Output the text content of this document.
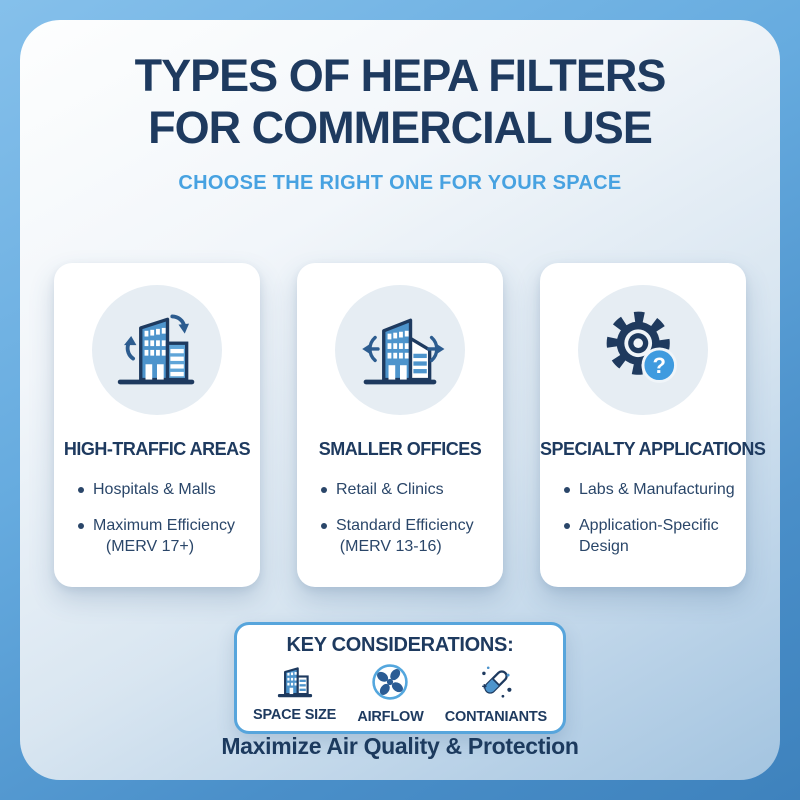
TYPES OF HEPA FILTERS
FOR COMMERCIAL USE
CHOOSE THE RIGHT ONE FOR YOUR SPACE
HIGH-TRAFFIC AREAS
Hospitals & Malls
Maximum Efficiency
(MERV 17+)
SMALLER OFFICES
Retail & Clinics
Standard Efficiency
(MERV 13-16)
?
SPECIALTY APPLICATIONS
Labs & Manufacturing
Application-Specific Design
KEY CONSIDERATIONS:
SPACE SIZE AIRFLOW CONTANIANTS
Maximize Air Quality & Protection
